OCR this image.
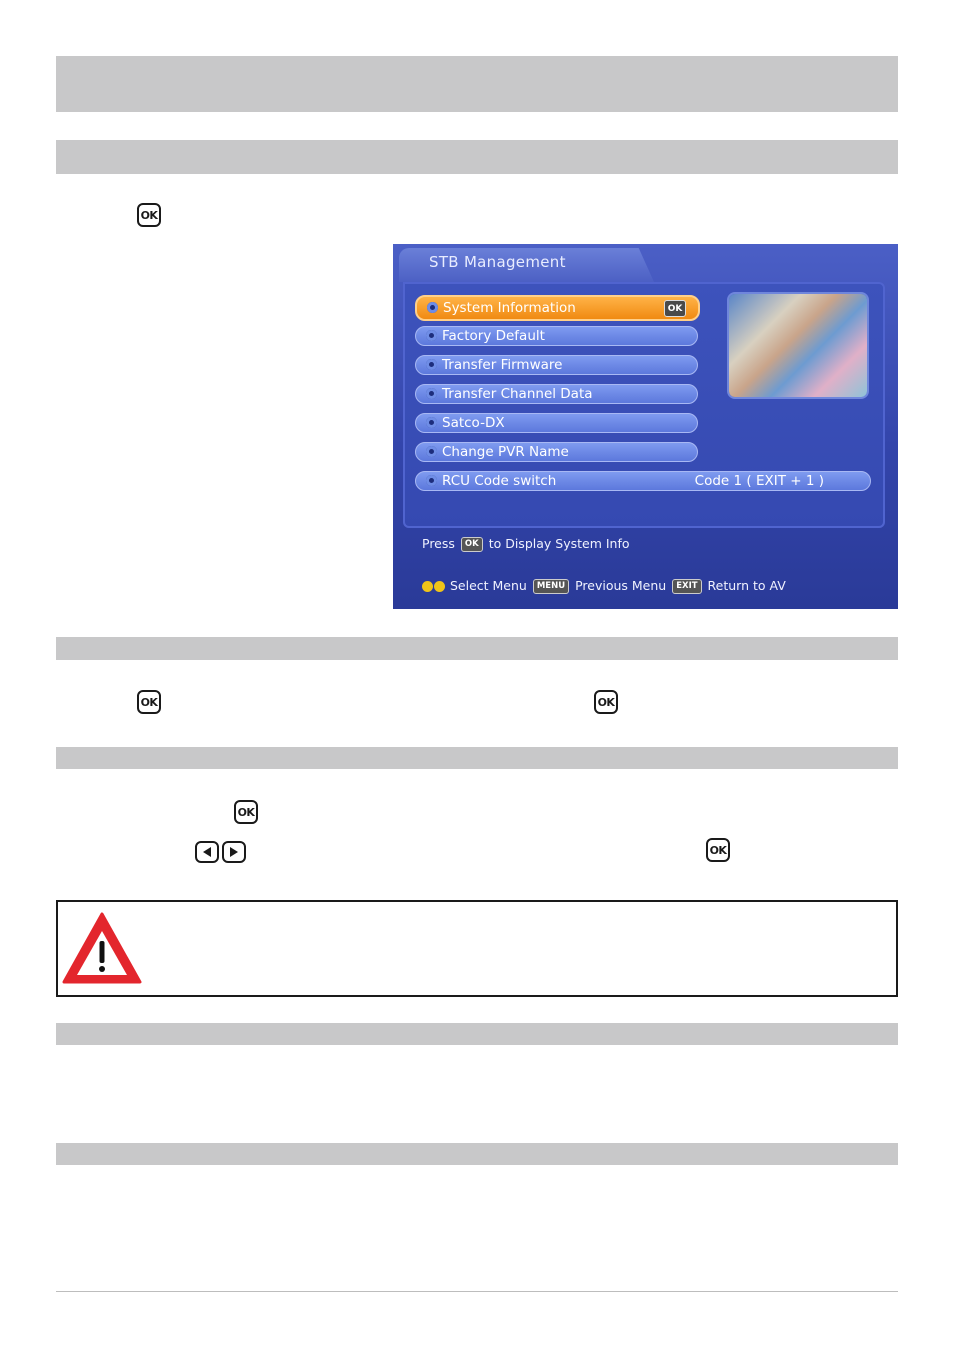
OK
STB Management
System Information	OK
Factory Default
Transfer Firmware
Transfer Channel Data
Satco-DX
Change PVR Name
RCU Code switch	Code 1 ( EXIT + 1 )
Press OK to Display System Info
Select Menu MENU Previous Menu EXIT Return to AV
OK	OK
OK
OK
